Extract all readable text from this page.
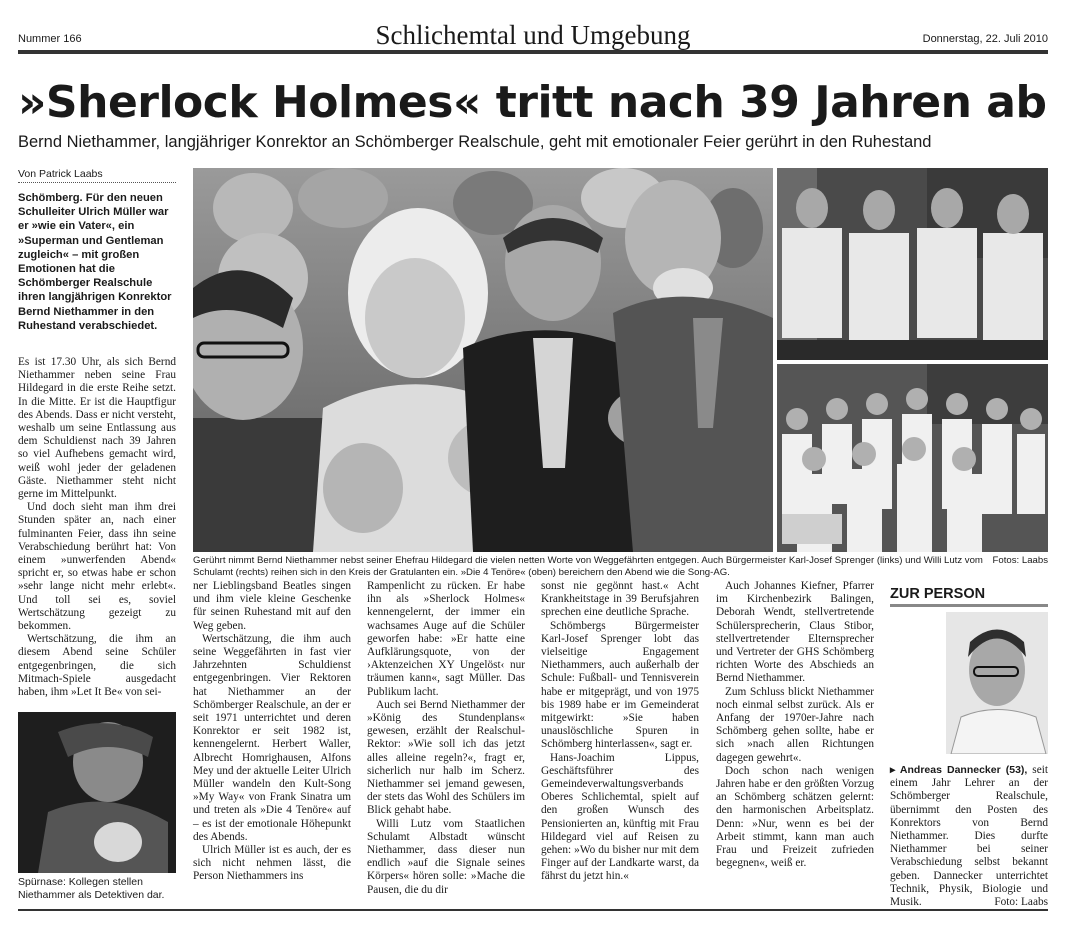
Nummer 166	Schlichemtal und Umgebung	Donnerstag, 22. Juli 2010
»Sherlock Holmes« tritt nach 39 Jahren ab
Bernd Niethammer, langjähriger Konrektor an Schömberger Realschule, geht mit emotionaler Feier gerührt in den Ruhestand
Von Patrick Laabs
Schömberg. Für den neuen Schulleiter Ulrich Müller war er »wie ein Vater«, ein »Superman und Gentleman zugleich« – mit großen Emotionen hat die Schömberger Realschule ihren langjährigen Konrektor Bernd Niethammer in den Ruhestand verabschiedet.
Fotos: Laabs
Gerührt nimmt Bernd Niethammer nebst seiner Ehefrau Hildegard die vielen netten Worte von Weggefährten entgegen. Auch Bürgermeister Karl-Josef Sprenger (links) und Willi Lutz vom Schulamt (rechts) reihen sich in den Kreis der Gratulanten ein. »Die 4 Tenöre« (oben) bereichern den Abend wie die Song-AG.

Es ist 17.30 Uhr, als sich Bernd Niethammer neben seine Frau Hildegard in die erste Reihe setzt. In die Mitte. Er ist die Hauptfigur des Abends. Dass er nicht versteht, weshalb um seine Entlassung aus dem Schuldienst nach 39 Jahren so viel Aufhebens gemacht wird, weiß wohl jeder der geladenen Gäste. Niethammer steht nicht gerne im Mittelpunkt.

Und doch sieht man ihm drei Stunden später an, nach einer fulminanten Feier, dass ihn seine Verabschiedung berührt hat: Von einem »unwerfenden Abend« spricht er, so etwas habe er schon »sehr lange nicht mehr erlebt«. Und toll sei es, soviel Wertschätzung gezeigt zu bekommen.

Wertschätzung, die ihm an diesem Abend seine Schüler entgegenbringen, die sich Mitmach-Spiele ausgedacht haben, ihm »Let It Be« von sei-

Spürnase: Kollegen stellen Niethammer als Detektiven dar.

ner Lieblingsband Beatles singen und ihm viele kleine Geschenke für seinen Ruhestand mit auf den Weg geben.

Wertschätzung, die ihm auch seine Weggefährten in fast vier Jahrzehnten Schuldienst entgegenbringen. Vier Rektoren hat Niethammer an der Schömberger Realschule, an der er seit 1971 unterrichtet und deren Konrektor er seit 1982 ist, kennengelernt. Herbert Waller, Albrecht Homrighausen, Alfons Mey und der aktuelle Leiter Ulrich Müller wandeln den Kult-Song »My Way« von Frank Sinatra um und treten als »Die 4 Tenöre« auf – es ist der emotionale Höhepunkt des Abends.

Ulrich Müller ist es auch, der es sich nicht nehmen lässt, die Person Niethammers ins

Rampenlicht zu rücken. Er habe ihn als »Sherlock Holmes« kennengelernt, der immer ein wachsames Auge auf die Schüler geworfen habe: »Er hatte eine Aufklärungsquote, von der ›Aktenzeichen XY Ungelöst‹ nur träumen kann«, sagt Müller. Das Publikum lacht.

Auch sei Bernd Niethammer der »König des Stundenplans« gewesen, erzählt der Realschul-Rektor: »Wie soll ich das jetzt alles alleine regeln?«, fragt er, sicherlich nur halb im Scherz. Niethammer sei jemand gewesen, der stets das Wohl des Schülers im Blick gehabt habe.

Willi Lutz vom Staatlichen Schulamt Albstadt wünscht Niethammer, dass dieser nun endlich »auf die Signale seines Körpers« hören solle: »Mache die Pausen, die du dir

sonst nie gegönnt hast.« Acht Krankheitstage in 39 Berufsjahren sprechen eine deutliche Sprache.

Schömbergs Bürgermeister Karl-Josef Sprenger lobt das vielseitige Engagement Niethammers, auch außerhalb der Schule: Fußball- und Tennisverein habe er mitgeprägt, und von 1975 bis 1989 habe er im Gemeinderat mitgewirkt: »Sie haben unauslöschliche Spuren in Schömberg hinterlassen«, sagt er.

Hans-Joachim Lippus, Geschäftsführer des Gemeindeverwaltungsverbands Oberes Schlichemtal, spielt auf den großen Wunsch des Pensionierten an, künftig mit Frau Hildegard viel auf Reisen zu gehen: »Wo du bisher nur mit dem Finger auf der Landkarte warst, da fährst du jetzt hin.«

Auch Johannes Kiefner, Pfarrer im Kirchenbezirk Balingen, Deborah Wendt, stellvertretende Schülersprecherin, Claus Stibor, stellvertretender Elternsprecher und Vertreter der GHS Schömberg richten Worte des Abschieds an Bernd Niethammer.

Zum Schluss blickt Niethammer noch einmal selbst zurück. Als er Anfang der 1970er-Jahre nach Schömberg gehen sollte, habe er sich »nach allen Richtungen dagegen gewehrt«.

Doch schon nach wenigen Jahren habe er den größten Vorzug an Schömberg schätzen gelernt: den harmonischen Arbeitsplatz. Denn: »Nur, wenn es bei der Arbeit stimmt, kann man auch Frau und Freizeit zufrieden begegnen«, weiß er.

ZUR PERSON
▸ Andreas Dannecker (53), seit einem Jahr Lehrer an der Schömberger Realschule, übernimmt den Posten des Konrektors von Bernd Niethammer. Dies durfte Niethammer bei seiner Verabschiedung selbst bekannt geben. Dannecker unterrichtet Technik, Physik, Biologie und Musik.	Foto: Laabs
